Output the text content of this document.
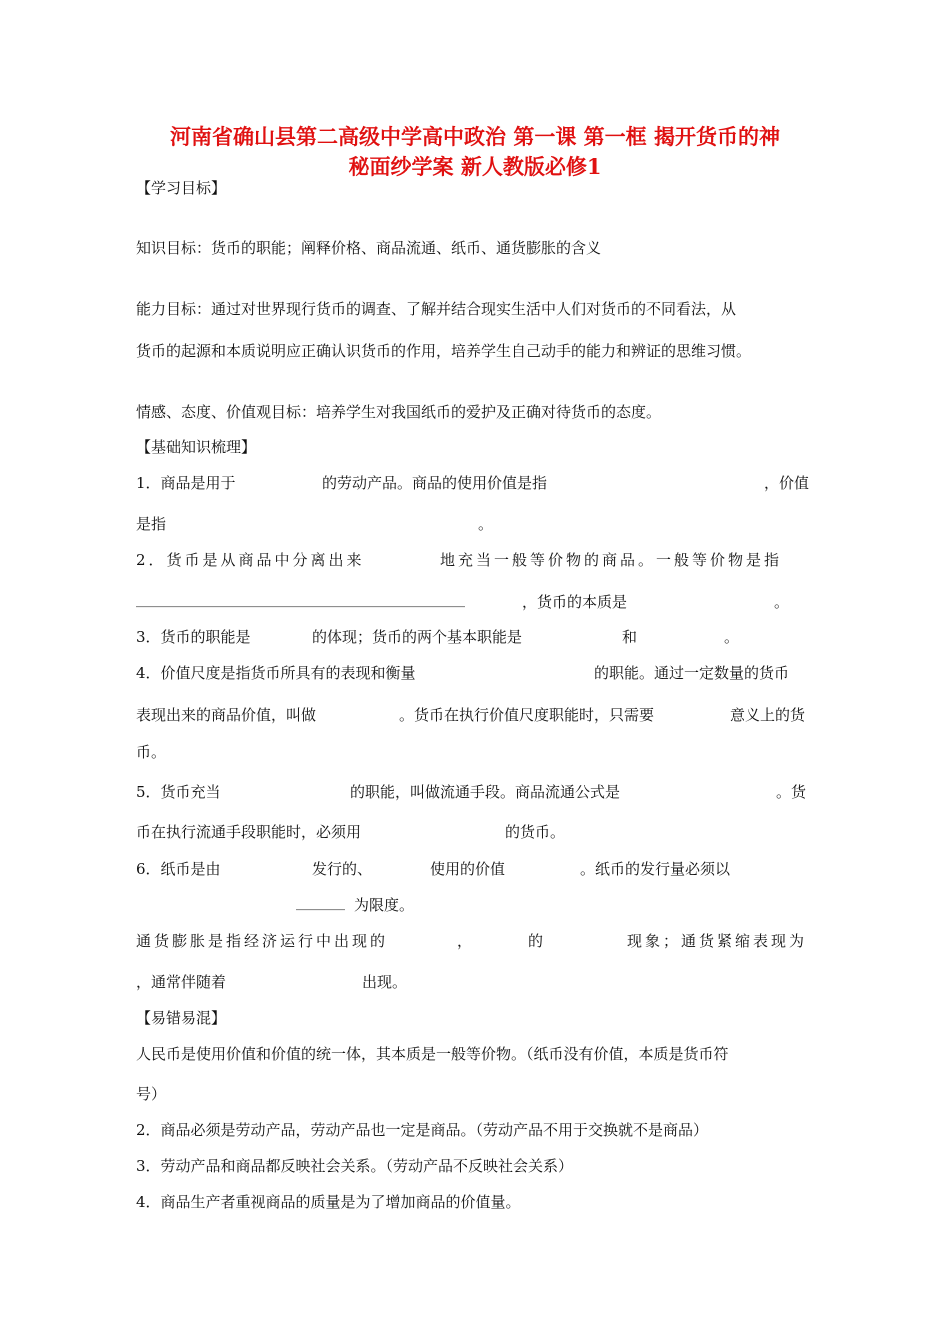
河南省确山县第二高级中学高中政治 第一课 第一框 揭开货币的神
秘面纱学案 新人教版必修1
【学习目标】
知识目标：货币的职能；阐释价格、商品流通、纸币、通货膨胀的含义
能力目标：通过对世界现行货币的调查、了解并结合现实生活中人们对货币的不同看法，从
货币的起源和本质说明应正确认识货币的作用，培养学生自己动手的能力和辨证的思维习惯。
情感、态度、价值观目标：培养学生对我国纸币的爱护及正确对待货币的态度。
【基础知识梳理】
1．商品是用于	的劳动产品。商品的使用价值是指	，价值
是指	。
2．货币是从商品中分离出来	地充当一般等价物的商品。一般等价物是指
_______________________________________________	，货币的本质是	。
3．货币的职能是	的体现；货币的两个基本职能是	和	。
4．价值尺度是指货币所具有的表现和衡量	的职能。通过一定数量的货币
表现出来的商品价值，叫做	。货币在执行价值尺度职能时，只需要	意义上的货
币。
5．货币充当	的职能，叫做流通手段。商品流通公式是	。货
币在执行流通手段职能时，必须用	的货币。
6．纸币是由	发行的、	使用的价值	。纸币的发行量必须以
_______ 为限度。
通货膨胀是指经济运行中出现的	，	的	现象；通货紧缩表现为
，通常伴随着	出现。
【易错易混】
人民币是使用价值和价值的统一体，其本质是一般等价物。（纸币没有价值，本质是货币符
号）
2．商品必须是劳动产品，劳动产品也一定是商品。（劳动产品不用于交换就不是商品）
3．劳动产品和商品都反映社会关系。（劳动产品不反映社会关系）
4．商品生产者重视商品的质量是为了增加商品的价值量。
